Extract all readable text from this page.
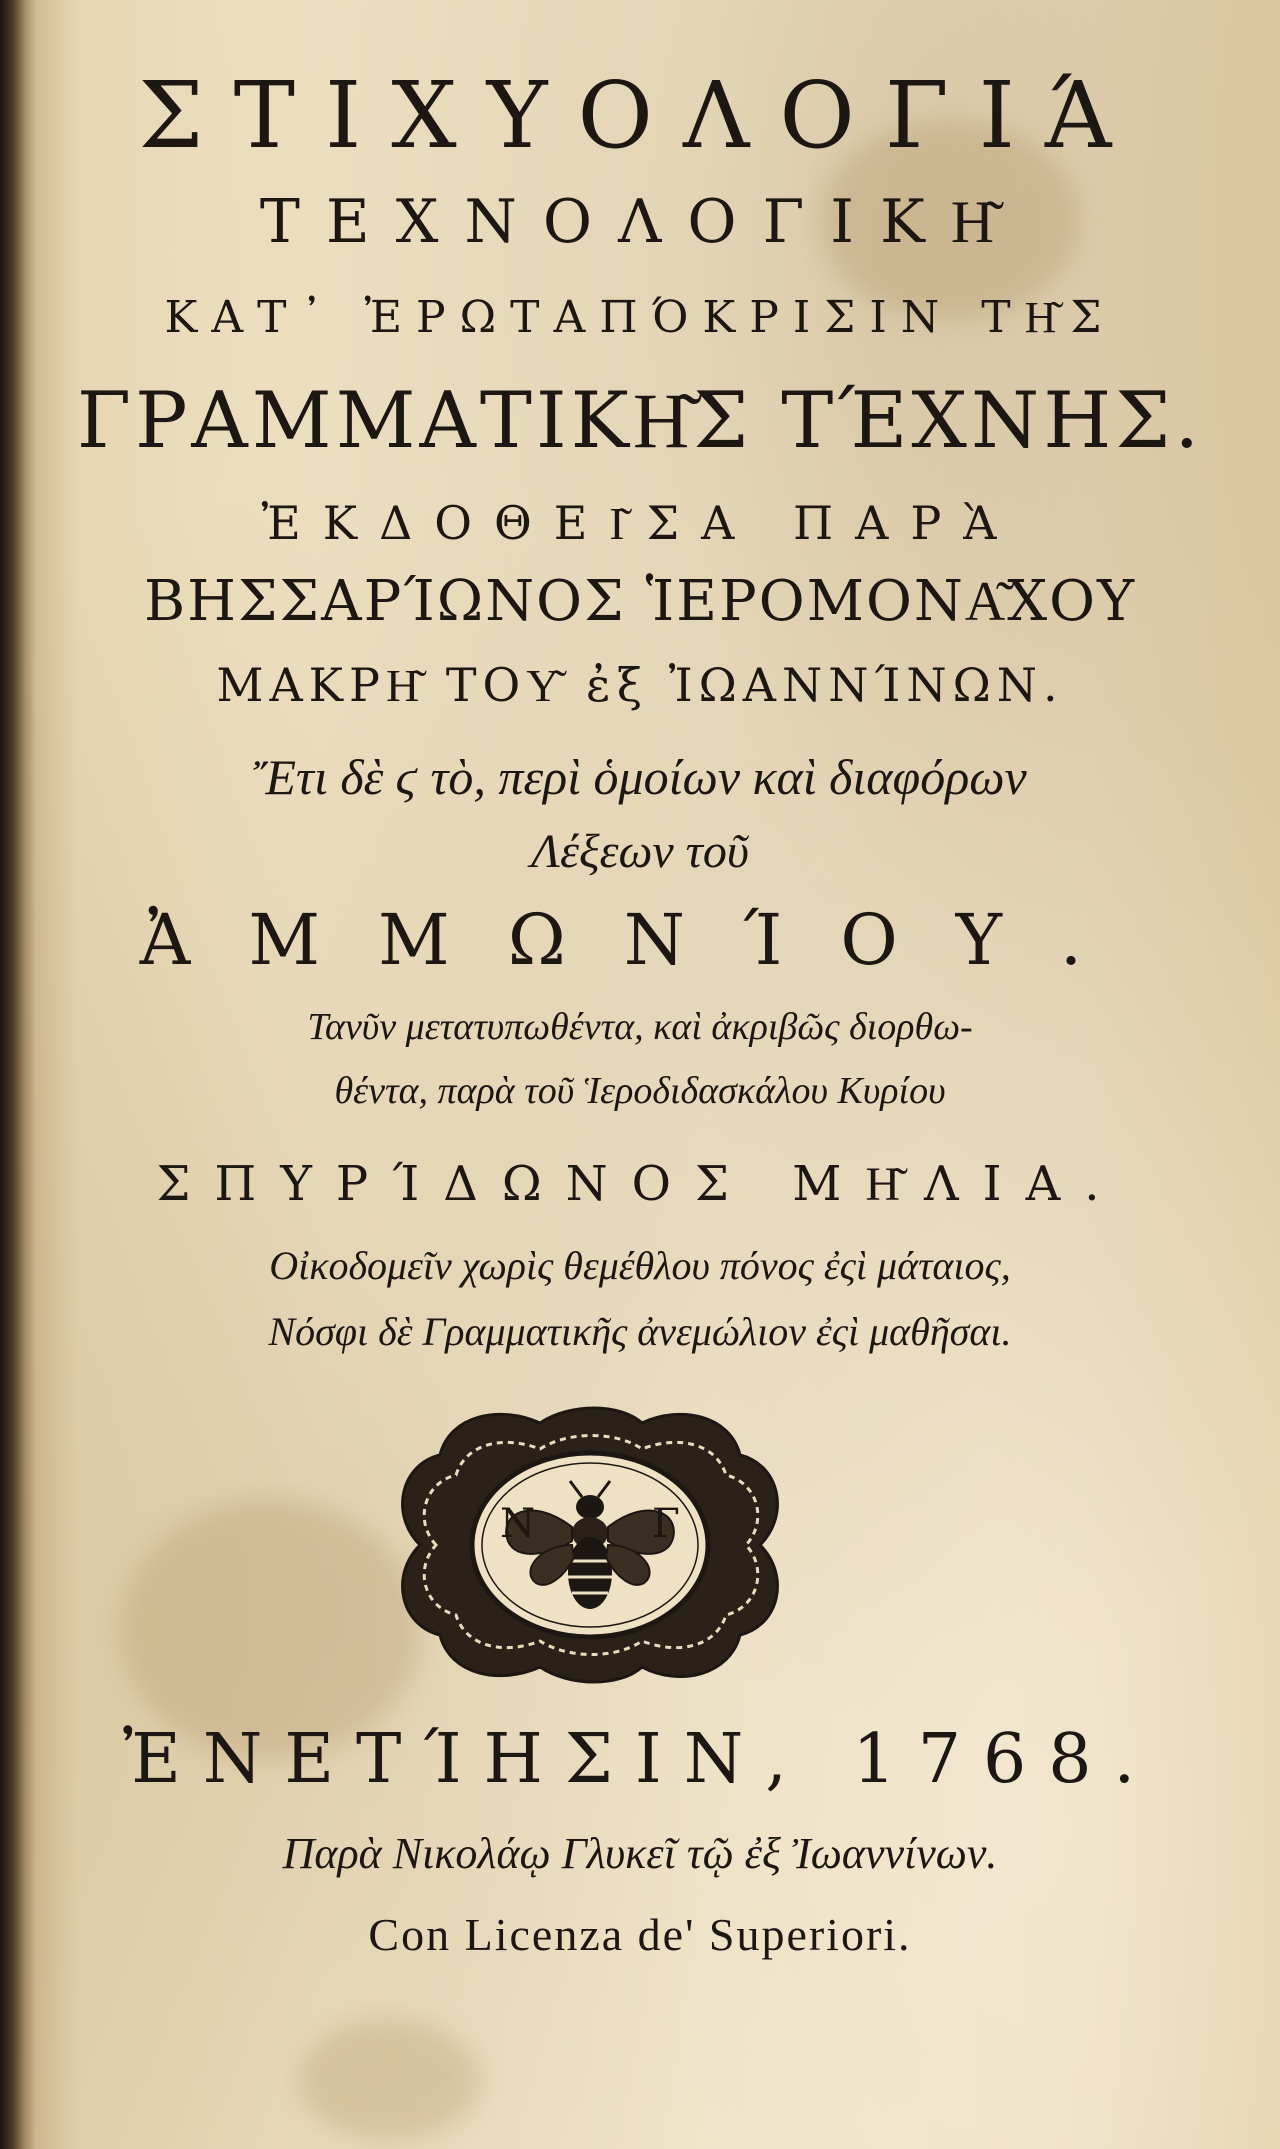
ΣΤΙΧΥΟΛΟΓΙΆ
ΤΕΧΝΟΛΟΓΙΚΗ͂
ΚΑΤ᾿ ἘΡΩΤΑΠΌΚΡΙΣΙΝ ΤΗ͂Σ
ΓΡΑΜΜΑΤΙΚΗ͂Σ ΤΈΧΝΗΣ.
ἘΚΔΟΘΕΙ͂ΣΑ ΠΑΡᾺ
ΒΗΣΣΑΡΊΩΝΟΣ ἹΕΡΟΜΟΝΑ͂ΧΟΥ
ΜΑΚΡΗ͂ ΤΟΥ͂ ἐξ ἸΩΑΝΝΊΝΩΝ.
Ἔτι δὲ ϛ τὸ, περὶ ὁμοίων καὶ διαφόρων
Λέξεων τοῦ
ἈΜΜΩΝΊΟΥ.
Τανῦν μετατυπωθέντα, καὶ ἀκριβῶς διορθω-
θέντα, παρὰ τοῦ Ἱεροδιδασκάλου Κυρίου
ΣΠΥΡΊΔΩΝΟΣ ΜΗ͂ΛΙΑ.
Οἰκοδομεῖν χωρὶς θεμέθλου πόνος ἐςὶ μάταιος,
Νόσφι δὲ Γραμματικῆς ἀνεμώλιον ἐςὶ μαθῆσαι.
Ν	Γ
ἘΝΕΤΊΗΣΙΝ, 1768.
Παρὰ Νικολάῳ Γλυκεῖ τῷ ἐξ Ἰωαννίνων.
Con Licenza de' Superiori.
